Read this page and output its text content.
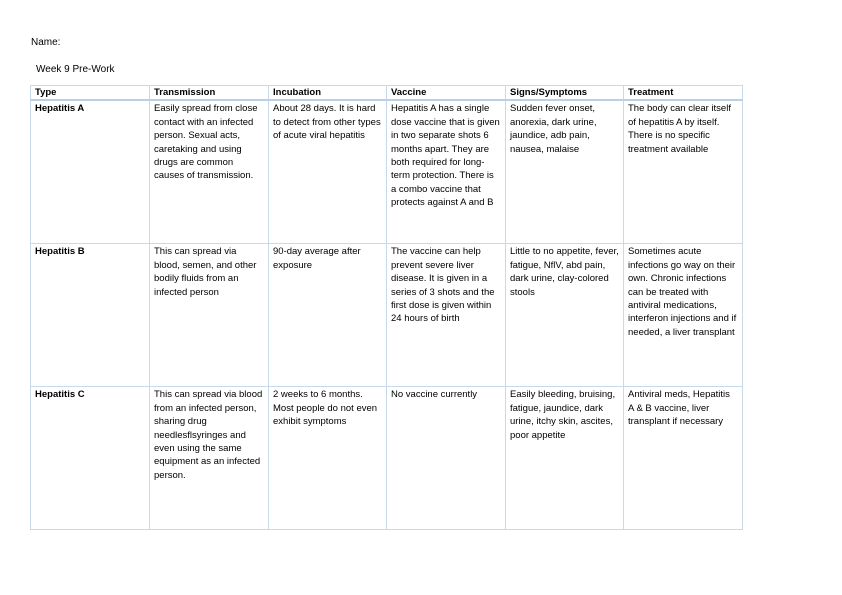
Name:
Week 9 Pre-Work
Type	Transmission	Incubation	Vaccine	Signs/Symptoms	Treatment
Hepatitis A	Easily spread from close contact with an infected person. Sexual acts, caretaking and using drugs are common causes of transmission.	About 28 days. It is hard to detect from other types of acute viral hepatitis	Hepatitis A has a single dose vaccine that is given in two separate shots 6 months apart. They are both required for long-term protection. There is a combo vaccine that protects against A and B	Sudden fever onset, anorexia, dark urine, jaundice, adb pain, nausea, malaise	The body can clear itself of hepatitis A by itself. There is no specific treatment available
Hepatitis B	This can spread via blood, semen, and other bodily fluids from an infected person	90-day average after exposure	The vaccine can help prevent severe liver disease. It is given in a series of 3 shots and the first dose is given within 24 hours of birth	Little to no appetite, fever, fatigue, NflV, abd pain, dark urine, clay-colored stools	Sometimes acute infections go way on their own. Chronic infections can be treated with antiviral medications, interferon injections and if needed, a liver transplant
Hepatitis C	This can spread via blood from an infected person, sharing drug needlesflsyringes and even using the same equipment as an infected person.	2 weeks to 6 months. Most people do not even exhibit symptoms	No vaccine currently	Easily bleeding, bruising, fatigue, jaundice, dark urine, itchy skin, ascites, poor appetite	Antiviral meds, Hepatitis A & B vaccine, liver transplant if necessary
